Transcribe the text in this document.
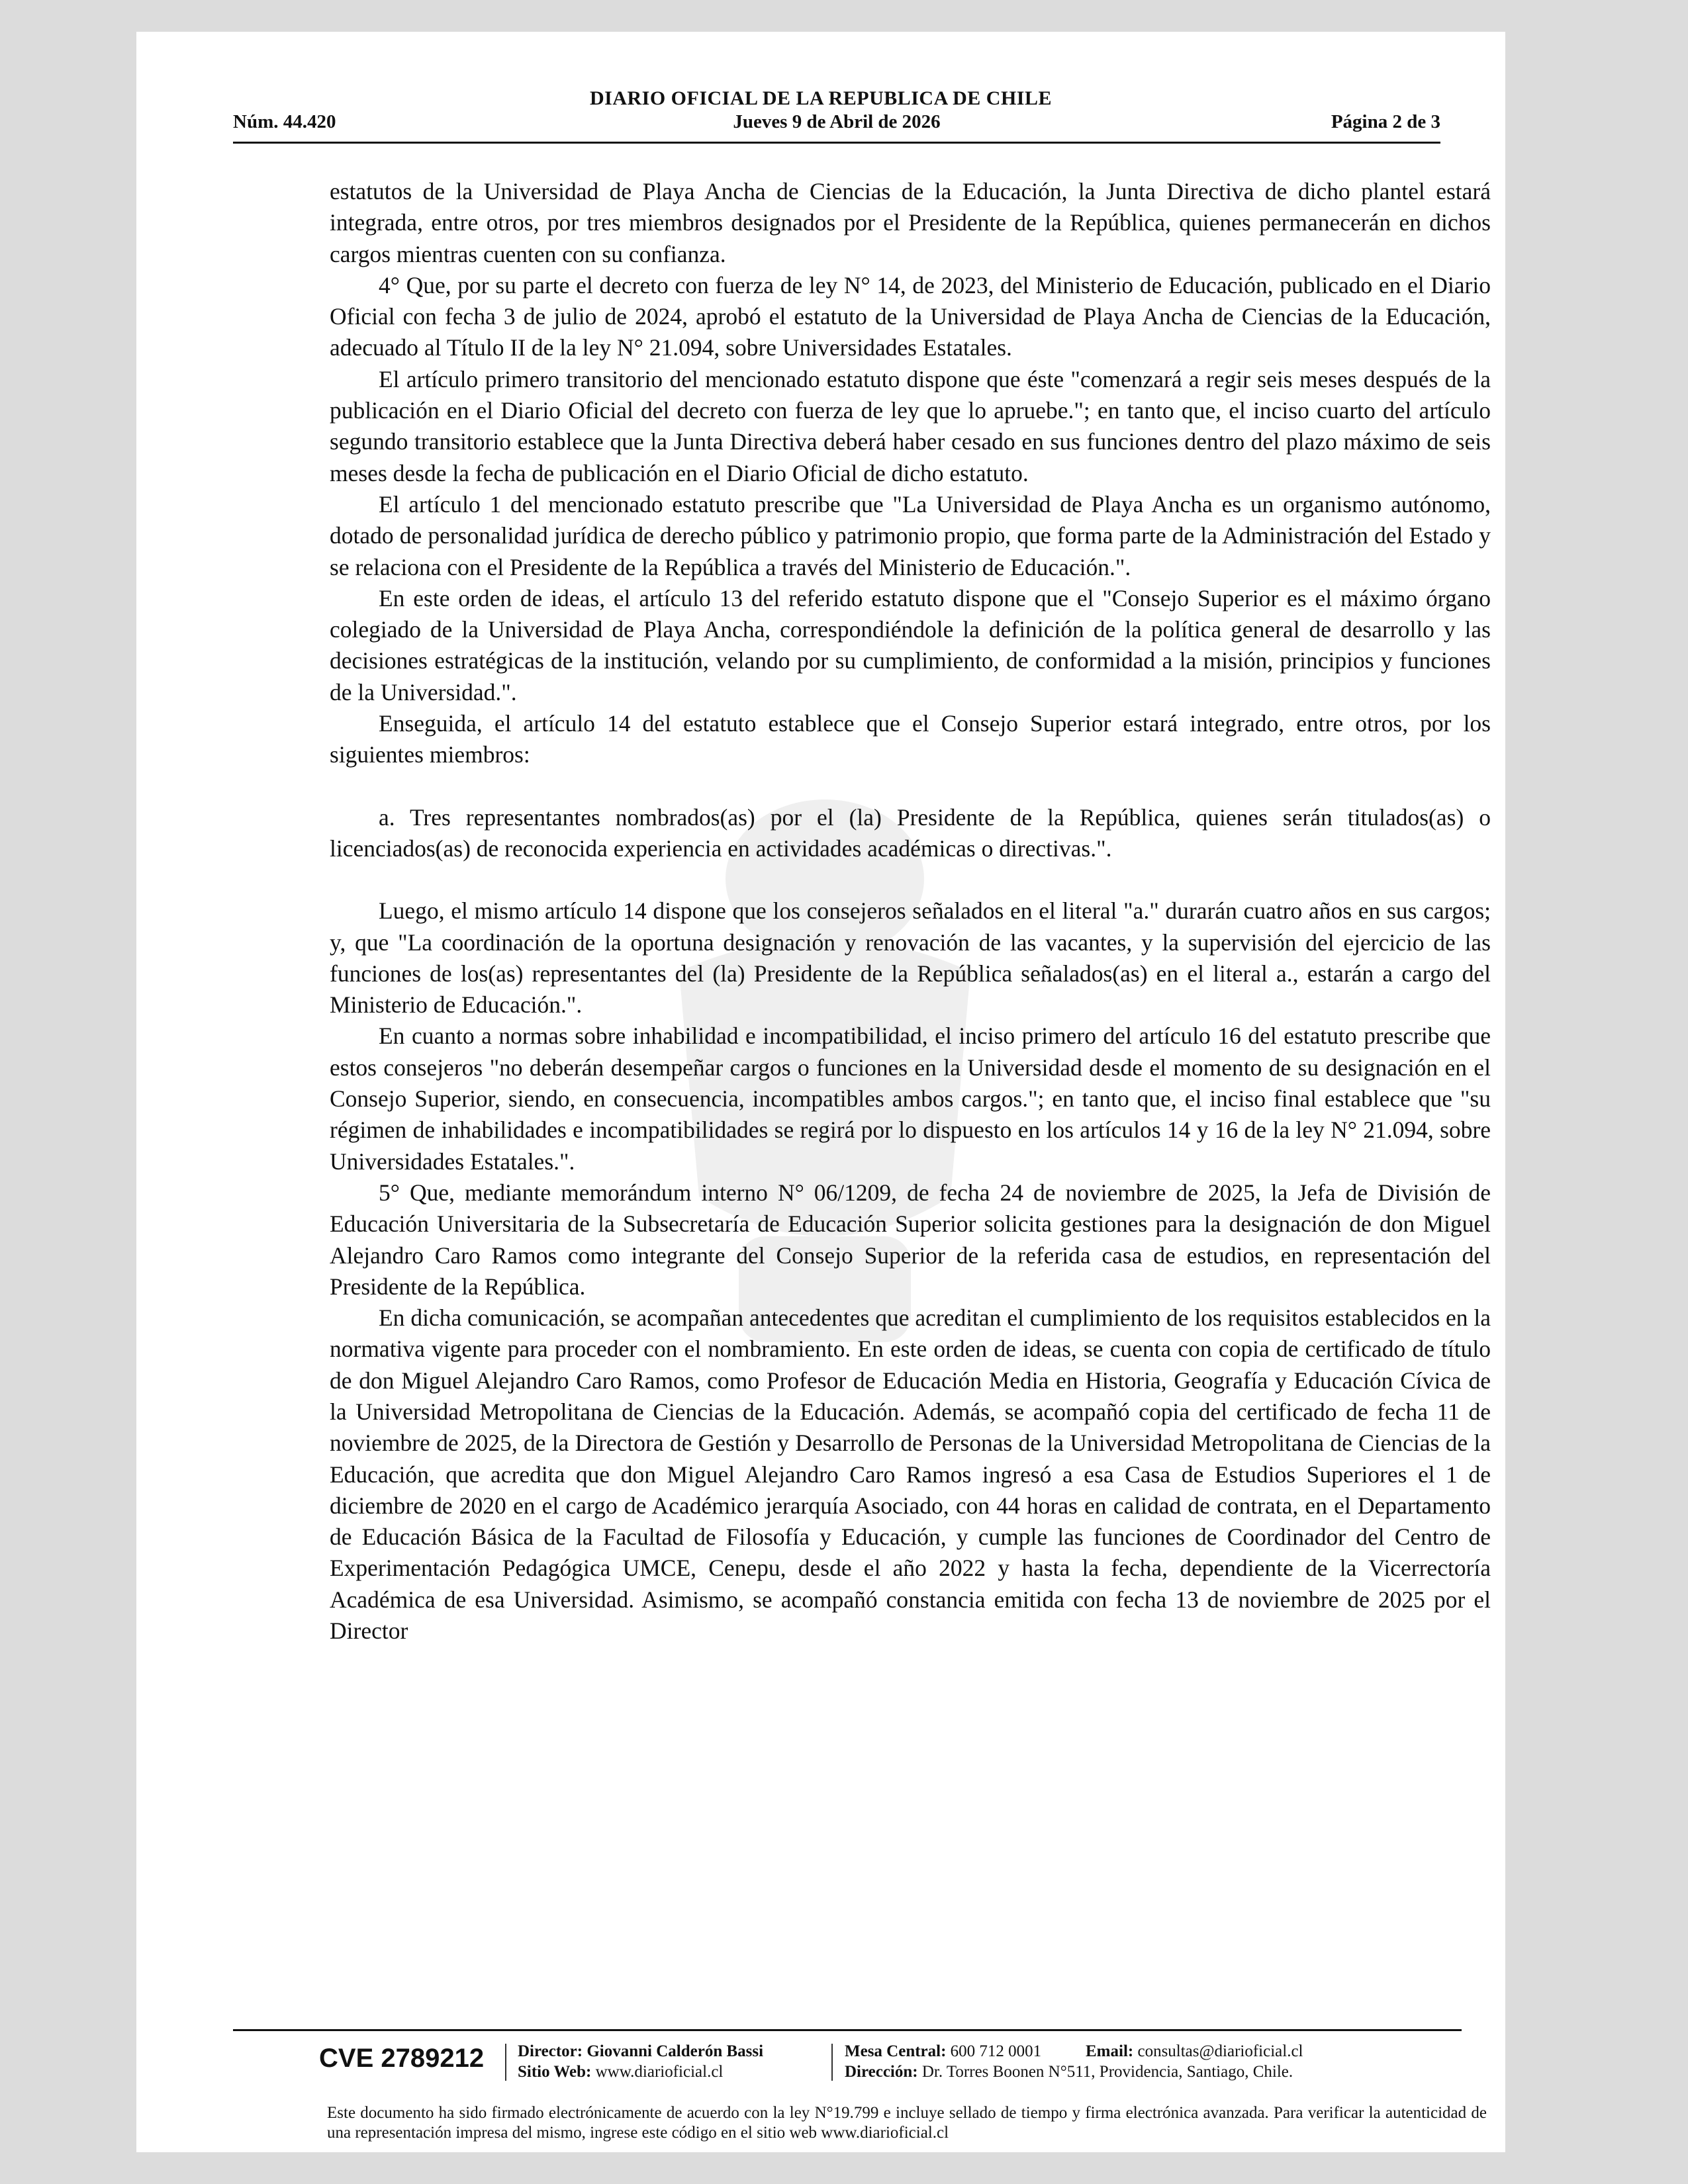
DIARIO OFICIAL DE LA REPUBLICA DE CHILE
Núm. 44.420	Jueves 9 de Abril de 2026	Página 2 de 3

estatutos de la Universidad de Playa Ancha de Ciencias de la Educación, la Junta Directiva de dicho plantel estará integrada, entre otros, por tres miembros designados por el Presidente de la República, quienes permanecerán en dichos cargos mientras cuenten con su confianza.

4° Que, por su parte el decreto con fuerza de ley N° 14, de 2023, del Ministerio de Educación, publicado en el Diario Oficial con fecha 3 de julio de 2024, aprobó el estatuto de la Universidad de Playa Ancha de Ciencias de la Educación, adecuado al Título II de la ley N° 21.094, sobre Universidades Estatales.

El artículo primero transitorio del mencionado estatuto dispone que éste "comenzará a regir seis meses después de la publicación en el Diario Oficial del decreto con fuerza de ley que lo apruebe."; en tanto que, el inciso cuarto del artículo segundo transitorio establece que la Junta Directiva deberá haber cesado en sus funciones dentro del plazo máximo de seis meses desde la fecha de publicación en el Diario Oficial de dicho estatuto.

El artículo 1 del mencionado estatuto prescribe que "La Universidad de Playa Ancha es un organismo autónomo, dotado de personalidad jurídica de derecho público y patrimonio propio, que forma parte de la Administración del Estado y se relaciona con el Presidente de la República a través del Ministerio de Educación.".

En este orden de ideas, el artículo 13 del referido estatuto dispone que el "Consejo Superior es el máximo órgano colegiado de la Universidad de Playa Ancha, correspondiéndole la definición de la política general de desarrollo y las decisiones estratégicas de la institución, velando por su cumplimiento, de conformidad a la misión, principios y funciones de la Universidad.".

Enseguida, el artículo 14 del estatuto establece que el Consejo Superior estará integrado, entre otros, por los siguientes miembros:

a. Tres representantes nombrados(as) por el (la) Presidente de la República, quienes serán titulados(as) o licenciados(as) de reconocida experiencia en actividades académicas o directivas.".

Luego, el mismo artículo 14 dispone que los consejeros señalados en el literal "a." durarán cuatro años en sus cargos; y, que "La coordinación de la oportuna designación y renovación de las vacantes, y la supervisión del ejercicio de las funciones de los(as) representantes del (la) Presidente de la República señalados(as) en el literal a., estarán a cargo del Ministerio de Educación.".

En cuanto a normas sobre inhabilidad e incompatibilidad, el inciso primero del artículo 16 del estatuto prescribe que estos consejeros "no deberán desempeñar cargos o funciones en la Universidad desde el momento de su designación en el Consejo Superior, siendo, en consecuencia, incompatibles ambos cargos."; en tanto que, el inciso final establece que "su régimen de inhabilidades e incompatibilidades se regirá por lo dispuesto en los artículos 14 y 16 de la ley N° 21.094, sobre Universidades Estatales.".

5° Que, mediante memorándum interno N° 06/1209, de fecha 24 de noviembre de 2025, la Jefa de División de Educación Universitaria de la Subsecretaría de Educación Superior solicita gestiones para la designación de don Miguel Alejandro Caro Ramos como integrante del Consejo Superior de la referida casa de estudios, en representación del Presidente de la República.

En dicha comunicación, se acompañan antecedentes que acreditan el cumplimiento de los requisitos establecidos en la normativa vigente para proceder con el nombramiento. En este orden de ideas, se cuenta con copia de certificado de título de don Miguel Alejandro Caro Ramos, como Profesor de Educación Media en Historia, Geografía y Educación Cívica de la Universidad Metropolitana de Ciencias de la Educación. Además, se acompañó copia del certificado de fecha 11 de noviembre de 2025, de la Directora de Gestión y Desarrollo de Personas de la Universidad Metropolitana de Ciencias de la Educación, que acredita que don Miguel Alejandro Caro Ramos ingresó a esa Casa de Estudios Superiores el 1 de diciembre de 2020 en el cargo de Académico jerarquía Asociado, con 44 horas en calidad de contrata, en el Departamento de Educación Básica de la Facultad de Filosofía y Educación, y cumple las funciones de Coordinador del Centro de Experimentación Pedagógica UMCE, Cenepu, desde el año 2022 y hasta la fecha, dependiente de la Vicerrectoría Académica de esa Universidad. Asimismo, se acompañó constancia emitida con fecha 13 de noviembre de 2025 por el Director

CVE 2789212 Director: Giovanni Calderón Bassi
Sitio Web: www.diarioficial.cl
Mesa Central: 600 712 0001
Dirección: Dr. Torres Boonen N°511, Providencia, Santiago, Chile.
Email: consultas@diarioficial.cl
Este documento ha sido firmado electrónicamente de acuerdo con la ley N°19.799 e incluye sellado de tiempo y firma electrónica avanzada. Para verificar la autenticidad de una representación impresa del mismo, ingrese este código en el sitio web www.diarioficial.cl
